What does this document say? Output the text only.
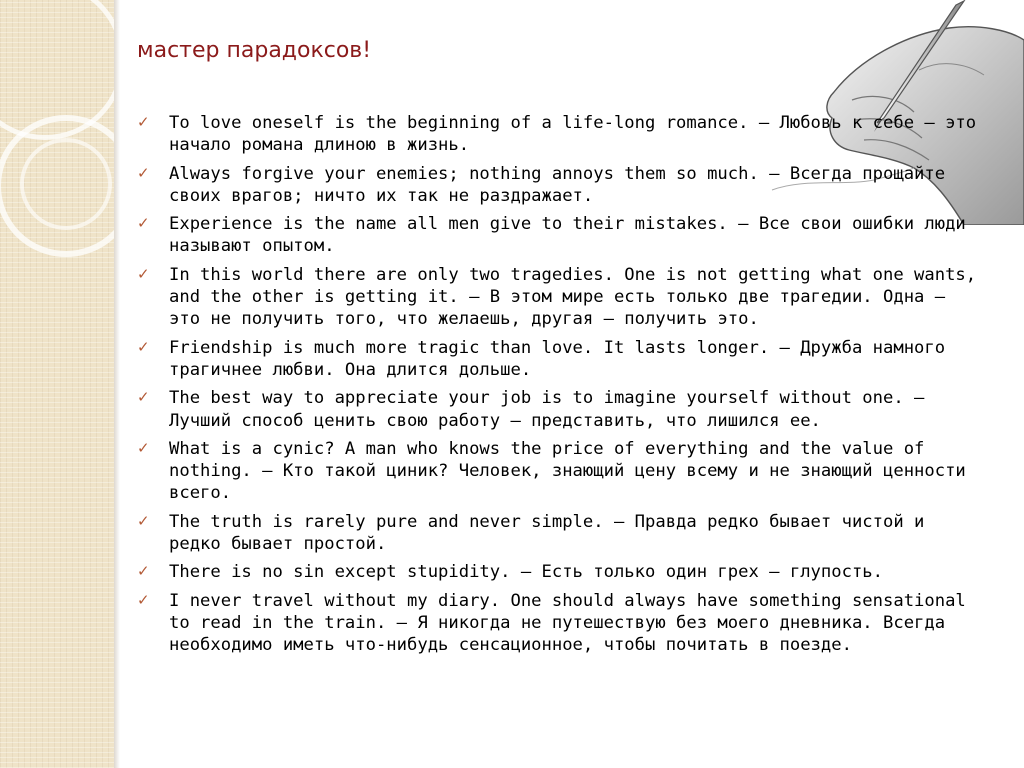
мастер парадоксов!
✓ To love oneself is the beginning of a life-long romance. – Любовь к себе – это начало романа длиною в жизнь.
✓ Always forgive your enemies; nothing annoys them so much. – Всегда прощайте своих врагов; ничто их так не раздражает.
✓ Experience is the name all men give to their mistakes. – Все свои ошибки люди называют опытом.
✓ In this world there are only two tragedies. One is not getting what one wants, and the other is getting it. – В этом мире есть только две трагедии. Одна – это не получить того, что желаешь, другая – получить это.
✓ Friendship is much more tragic than love. It lasts longer. – Дружба намного трагичнее любви. Она длится дольше.
✓ The best way to appreciate your job is to imagine yourself without one. – Лучший способ ценить свою работу – представить, что лишился ее.
✓ What is a cynic? A man who knows the price of everything and the value of nothing. – Кто такой циник? Человек, знающий цену всему и не знающий ценности всего.
✓ The truth is rarely pure and never simple. – Правда редко бывает чистой и редко бывает простой.
✓ There is no sin except stupidity. – Есть только один грех – глупость.
✓ I never travel without my diary. One should always have something sensational to read in the train. – Я никогда не путешествую без моего дневника. Всегда необходимо иметь что-нибудь сенсационное, чтобы почитать в поезде.
